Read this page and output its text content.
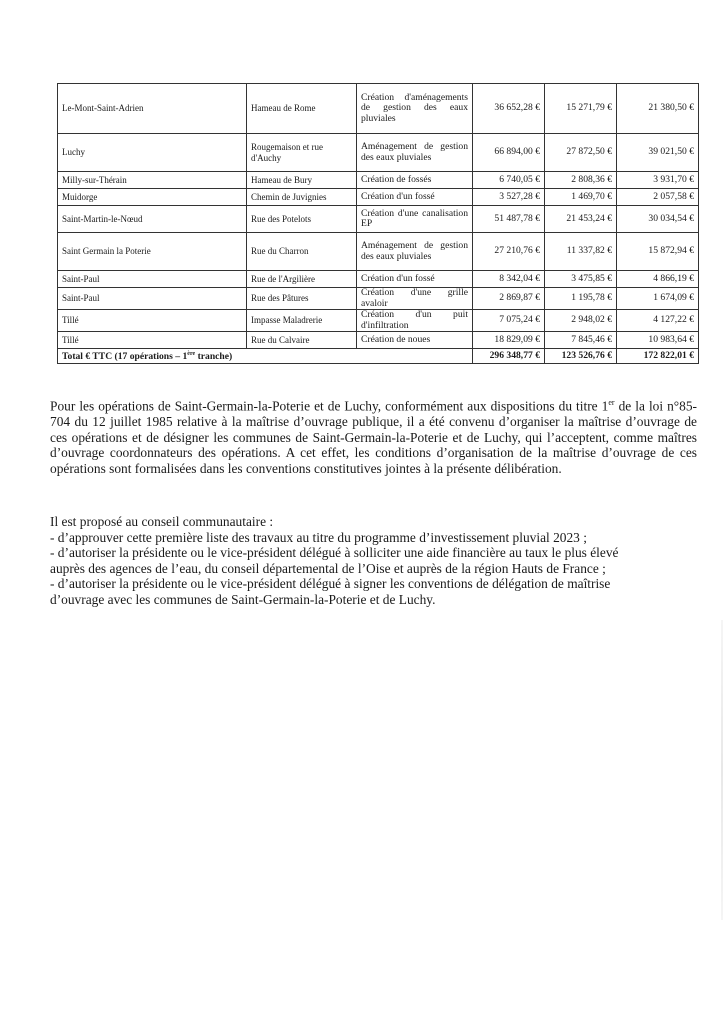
Le-Mont-Saint-Adrien	Hameau de Rome	Création d'aménagements de gestion des eaux pluviales	36 652,28 €	15 271,79 €	21 380,50 €
Luchy	Rougemaison et rue d'Auchy	Aménagement de gestion des eaux pluviales	66 894,00 €	27 872,50 €	39 021,50 €
Milly-sur-Thérain	Hameau de Bury	Création de fossés	6 740,05 €	2 808,36 €	3 931,70 €
Muidorge	Chemin de Juvignies	Création d'un fossé	3 527,28 €	1 469,70 €	2 057,58 €
Saint-Martin-le-Nœud	Rue des Potelots	Création d'une canalisation EP	51 487,78 €	21 453,24 €	30 034,54 €
Saint Germain la Poterie	Rue du Charron	Aménagement de gestion des eaux pluviales	27 210,76 €	11 337,82 €	15 872,94 €
Saint-Paul	Rue de l'Argilière	Création d'un fossé	8 342,04 €	3 475,85 €	4 866,19 €
Saint-Paul	Rue des Pâtures	Création d'une grille avaloir	2 869,87 €	1 195,78 €	1 674,09 €
Tillé	Impasse Maladrerie	Création d'un puit d'infiltration	7 075,24 €	2 948,02 €	4 127,22 €
Tillé	Rue du Calvaire	Création de noues	18 829,09 €	7 845,46 €	10 983,64 €
Total € TTC (17 opérations – 1ère tranche)			296 348,77 €	123 526,76 €	172 822,01 €
Pour les opérations de Saint-Germain-la-Poterie et de Luchy, conformément aux dispositions du titre 1er de la loi n°85-704 du 12 juillet 1985 relative à la maîtrise d’ouvrage publique, il a été convenu d’organiser la maîtrise d’ouvrage de ces opérations et de désigner les communes de Saint-Germain-la-Poterie et de Luchy, qui l’acceptent, comme maîtres d’ouvrage coordonnateurs des opérations. A cet effet, les conditions d’organisation de la maîtrise d’ouvrage de ces opérations sont formalisées dans les conventions constitutives jointes à la présente délibération.
Il est proposé au conseil communautaire :
- d’approuver cette première liste des travaux au titre du programme d’investissement pluvial 2023 ;
- d’autoriser la présidente ou le vice-président délégué à solliciter une aide financière au taux le plus élevé
auprès des agences de l’eau, du conseil départemental de l’Oise et auprès de la région Hauts de France ;
- d’autoriser la présidente ou le vice-président délégué à signer les conventions de délégation de maîtrise
d’ouvrage avec les communes de Saint-Germain-la-Poterie et de Luchy.
